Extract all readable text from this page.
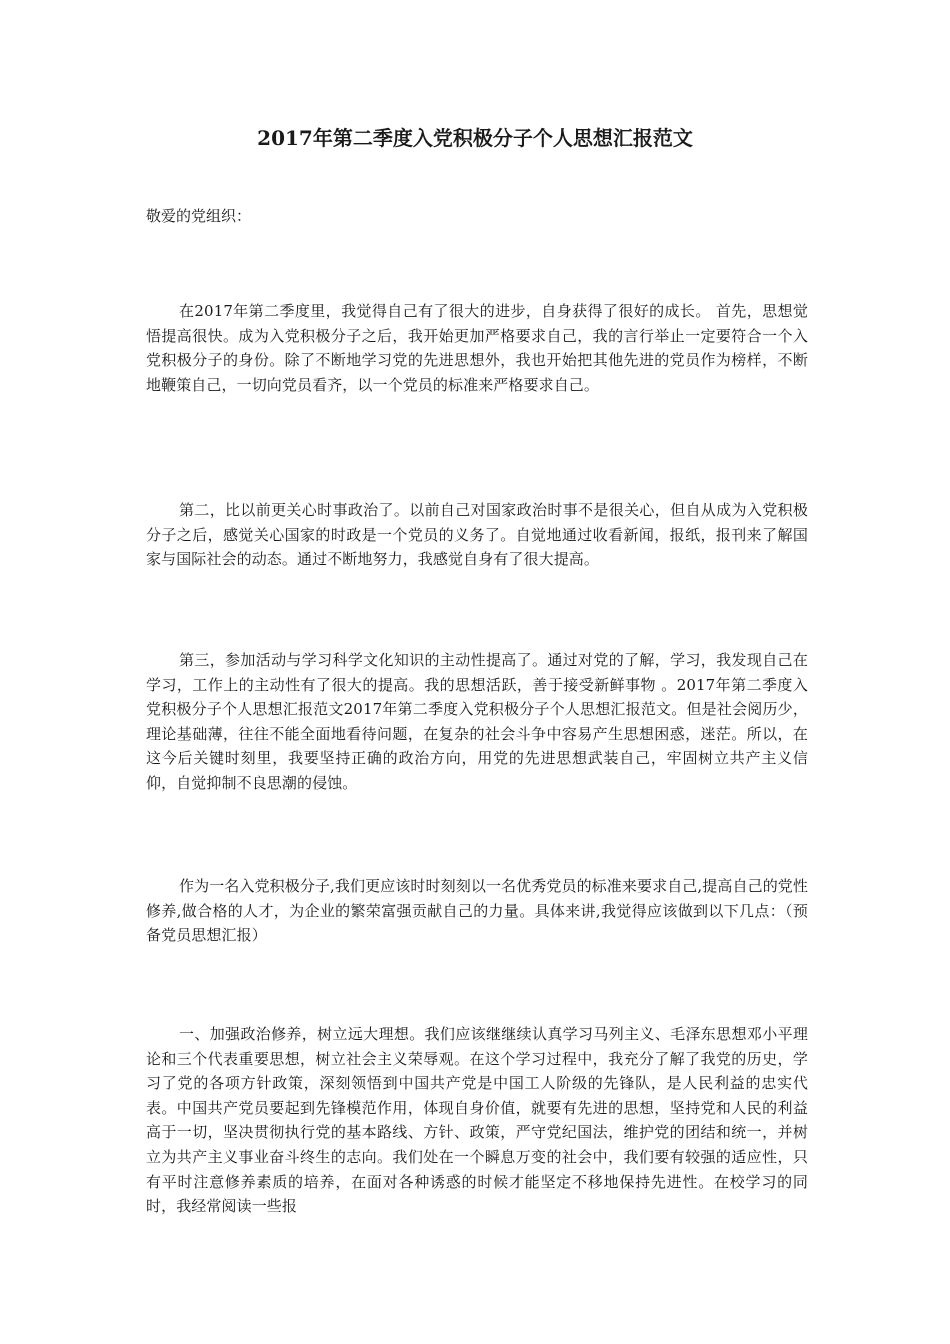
2017年第二季度入党积极分子个人思想汇报范文
敬爱的党组织：

在2017年第二季度里，我觉得自己有了很大的进步，自身获得了很好的成长。 首先，思想觉悟提高很快。成为入党积极分子之后，我开始更加严格要求自己，我的言行举止一定要符合一个入党积极分子的身份。除了不断地学习党的先进思想外，我也开始把其他先进的党员作为榜样，不断地鞭策自己，一切向党员看齐，以一个党员的标准来严格要求自己。

第二，比以前更关心时事政治了。以前自己对国家政治时事不是很关心，但自从成为入党积极分子之后，感觉关心国家的时政是一个党员的义务了。自觉地通过收看新闻，报纸，报刊来了解国家与国际社会的动态。通过不断地努力，我感觉自身有了很大提高。

第三，参加活动与学习科学文化知识的主动性提高了。通过对党的了解，学习，我发现自己在学习，工作上的主动性有了很大的提高。我的思想活跃，善于接受新鲜事物 。2017年第二季度入党积极分子个人思想汇报范文2017年第二季度入党积极分子个人思想汇报范文。但是社会阅历少，理论基础薄，往往不能全面地看待问题，在复杂的社会斗争中容易产生思想困惑，迷茫。所以，在这今后关键时刻里，我要坚持正确的政治方向，用党的先进思想武装自己，牢固树立共产主义信仰，自觉抑制不良思潮的侵蚀。

作为一名入党积极分子,我们更应该时时刻刻以一名优秀党员的标准来要求自己,提高自己的党性修养,做合格的人才，为企业的繁荣富强贡献自己的力量。具体来讲,我觉得应该做到以下几点：（预备党员思想汇报）

一、加强政治修养，树立远大理想。我们应该继继续认真学习马列主义、毛泽东思想邓小平理论和三个代表重要思想，树立社会主义荣辱观。在这个学习过程中，我充分了解了我党的历史，学习了党的各项方针政策，深刻领悟到中国共产党是中国工人阶级的先锋队，是人民利益的忠实代表。中国共产党员要起到先锋模范作用，体现自身价值，就要有先进的思想，坚持党和人民的利益高于一切，坚决贯彻执行党的基本路线、方针、政策，严守党纪国法，维护党的团结和统一，并树立为共产主义事业奋斗终生的志向。我们处在一个瞬息万变的社会中，我们要有较强的适应性，只有平时注意修养素质的培养，在面对各种诱惑的时候才能坚定不移地保持先进性。在校学习的同时，我经常阅读一些报
